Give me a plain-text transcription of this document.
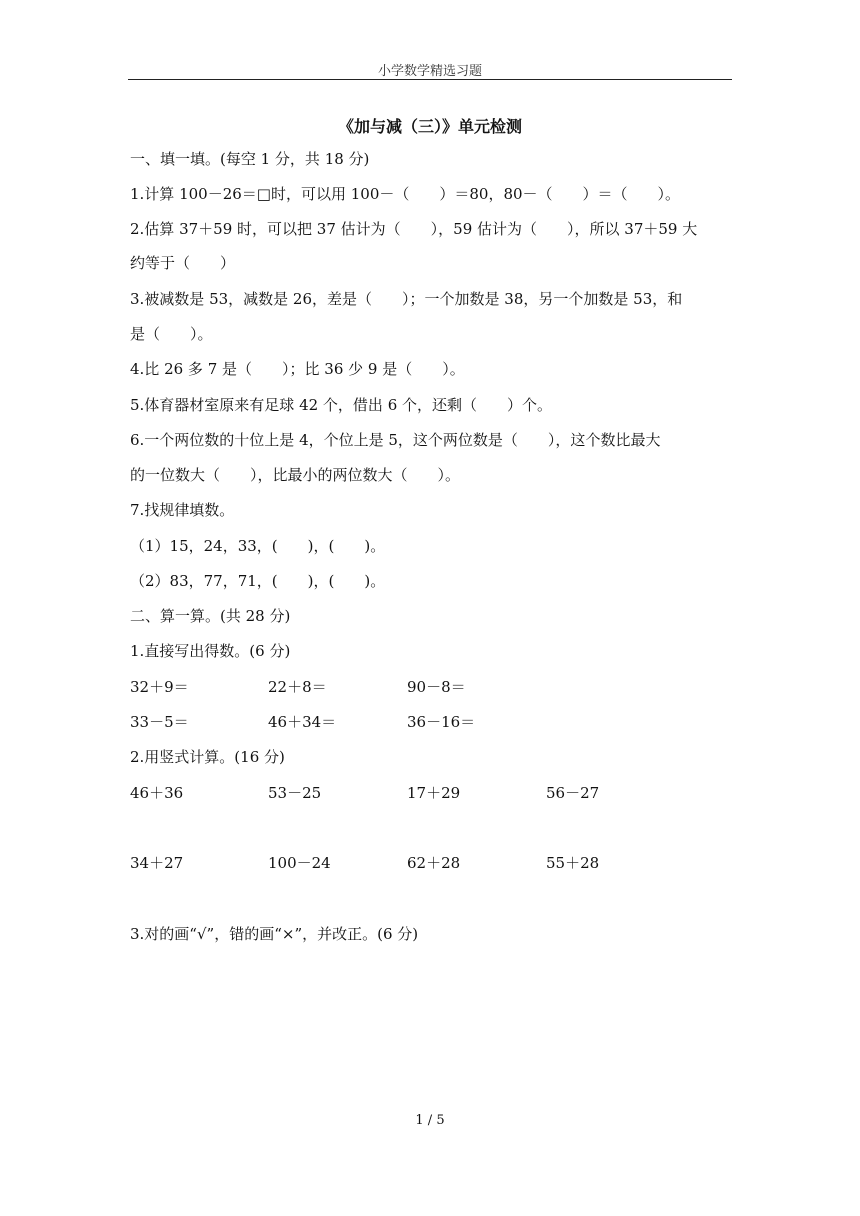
小学数学精选习题
《加与减（三）》单元检测
一、填一填。(每空 1 分，共 18 分)
1.计算 100－26＝□时，可以用 100－（　　）＝80，80－（　　）＝（　　）。
2.估算 37＋59 时，可以把 37 估计为（　　），59 估计为（　　），所以 37＋59 大
约等于（　　）
3.被减数是 53，减数是 26，差是（　　）；一个加数是 38，另一个加数是 53，和
是（　　）。
4.比 26 多 7 是（　　）；比 36 少 9 是（　　）。
5.体育器材室原来有足球 42 个，借出 6 个，还剩（　　）个。
6.一个两位数的十位上是 4，个位上是 5，这个两位数是（　　），这个数比最大
的一位数大（　　），比最小的两位数大（　　）。
7.找规律填数。
（1）15，24，33，(　　)，(　　)。
（2）83，77，71，(　　)，(　　)。
二、算一算。(共 28 分)
1.直接写出得数。(6 分)
32＋9＝	22＋8＝	90－8＝
33－5＝	46＋34＝	36－16＝
2.用竖式计算。(16 分)
46＋36	53－25	17＋29	56－27
34＋27	100－24	62＋28	55＋28
3.对的画“√”，错的画“×”，并改正。(6 分)
1 / 5
